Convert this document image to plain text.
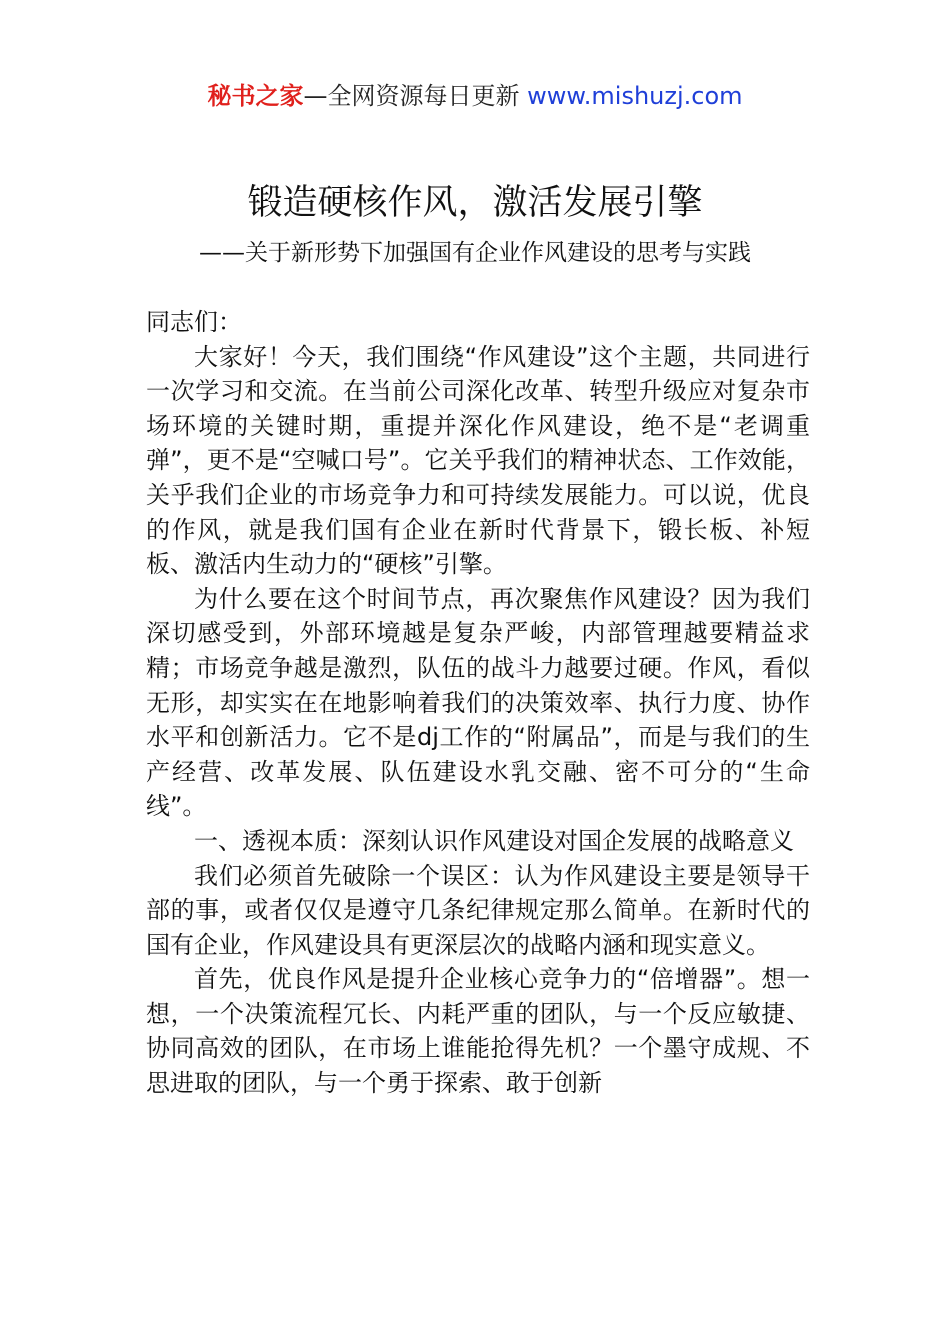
秘书之家—全网资源每日更新 www.mishuzj.com
锻造硬核作风，激活发展引擎
——关于新形势下加强国有企业作风建设的思考与实践

同志们：

大家好！今天，我们围绕“作风建设”这个主题，共同进行一次学习和交流。在当前公司深化改革、转型升级应对复杂市场环境的关键时期，重提并深化作风建设，绝不是“老调重弹”，更不是“空喊口号”。它关乎我们的精神状态、工作效能，关乎我们企业的市场竞争力和可持续发展能力。可以说，优良的作风，就是我们国有企业在新时代背景下，锻长板、补短板、激活内生动力的“硬核”引擎。

为什么要在这个时间节点，再次聚焦作风建设？因为我们深切感受到，外部环境越是复杂严峻，内部管理越要精益求精；市场竞争越是激烈，队伍的战斗力越要过硬。作风，看似无形，却实实在在地影响着我们的决策效率、执行力度、协作水平和创新活力。它不是dj工作的“附属品”，而是与我们的生产经营、改革发展、队伍建设水乳交融、密不可分的“生命线”。

一、透视本质：深刻认识作风建设对国企发展的战略意义

我们必须首先破除一个误区：认为作风建设主要是领导干部的事，或者仅仅是遵守几条纪律规定那么简单。在新时代的国有企业，作风建设具有更深层次的战略内涵和现实意义。

首先，优良作风是提升企业核心竞争力的“倍增器”。想一想，一个决策流程冗长、内耗严重的团队，与一个反应敏捷、协同高效的团队，在市场上谁能抢得先机？一个墨守成规、不思进取的团队，与一个勇于探索、敢于创新
